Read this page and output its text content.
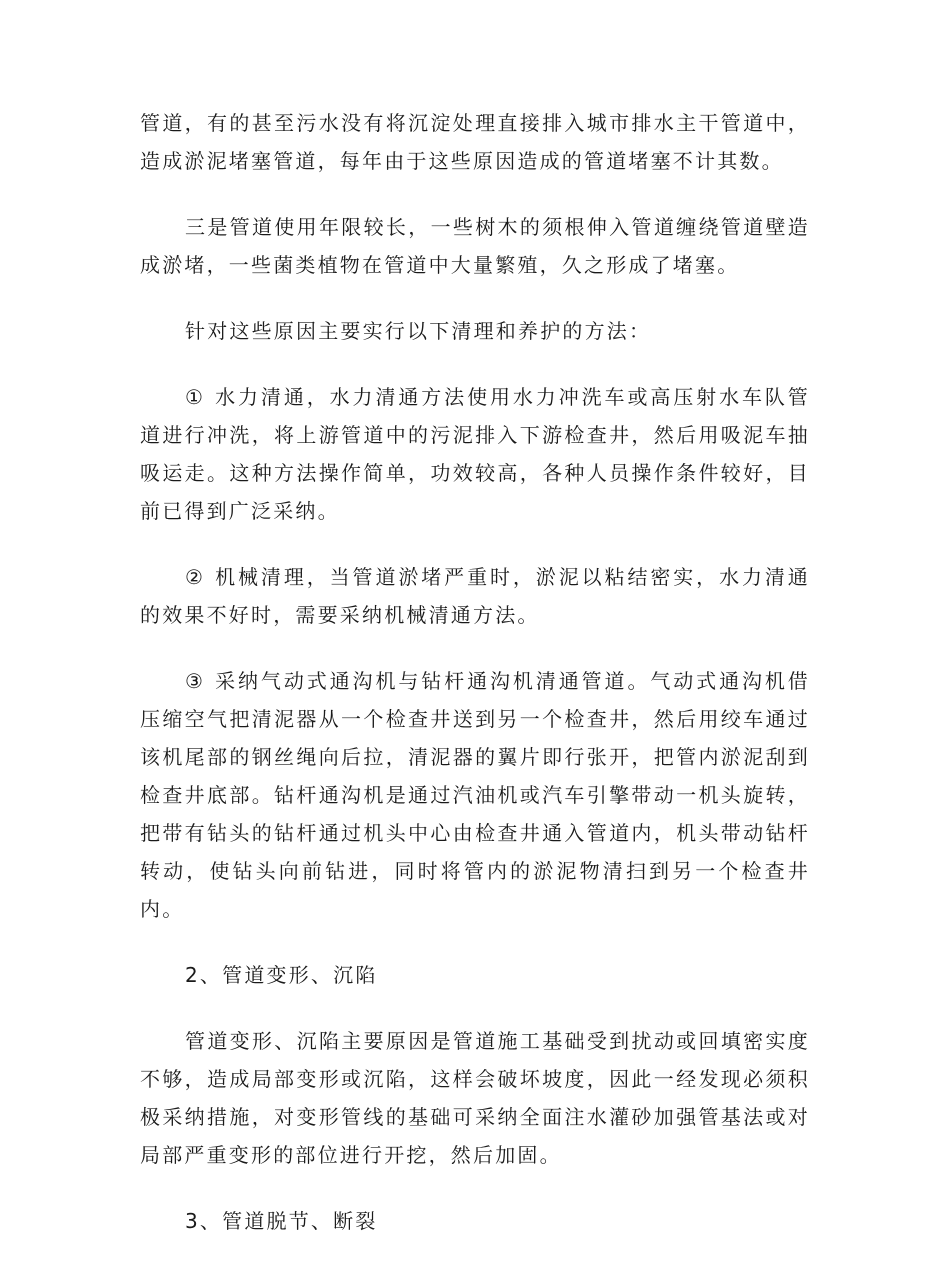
管道，有的甚至污水没有将沉淀处理直接排入城市排水主干管道中，造成淤泥堵塞管道，每年由于这些原因造成的管道堵塞不计其数。

三是管道使用年限较长，一些树木的须根伸入管道缠绕管道壁造成淤堵，一些菌类植物在管道中大量繁殖，久之形成了堵塞。

针对这些原因主要实行以下清理和养护的方法：

① 水力清通，水力清通方法使用水力冲洗车或高压射水车队管道进行冲洗，将上游管道中的污泥排入下游检查井，然后用吸泥车抽吸运走。这种方法操作简单，功效较高，各种人员操作条件较好，目前已得到广泛采纳。

② 机械清理，当管道淤堵严重时，淤泥以粘结密实，水力清通的效果不好时，需要采纳机械清通方法。

③ 采纳气动式通沟机与钻杆通沟机清通管道。气动式通沟机借压缩空气把清泥器从一个检查井送到另一个检查井，然后用绞车通过该机尾部的钢丝绳向后拉，清泥器的翼片即行张开，把管内淤泥刮到检查井底部。钻杆通沟机是通过汽油机或汽车引擎带动一机头旋转，把带有钻头的钻杆通过机头中心由检查井通入管道内，机头带动钻杆转动，使钻头向前钻进，同时将管内的淤泥物清扫到另一个检查井内。

2、管道变形、沉陷

管道变形、沉陷主要原因是管道施工基础受到扰动或回填密实度不够，造成局部变形或沉陷，这样会破坏坡度，因此一经发现必须积极采纳措施，对变形管线的基础可采纳全面注水灌砂加强管基法或对局部严重变形的部位进行开挖，然后加固。

3、管道脱节、断裂
